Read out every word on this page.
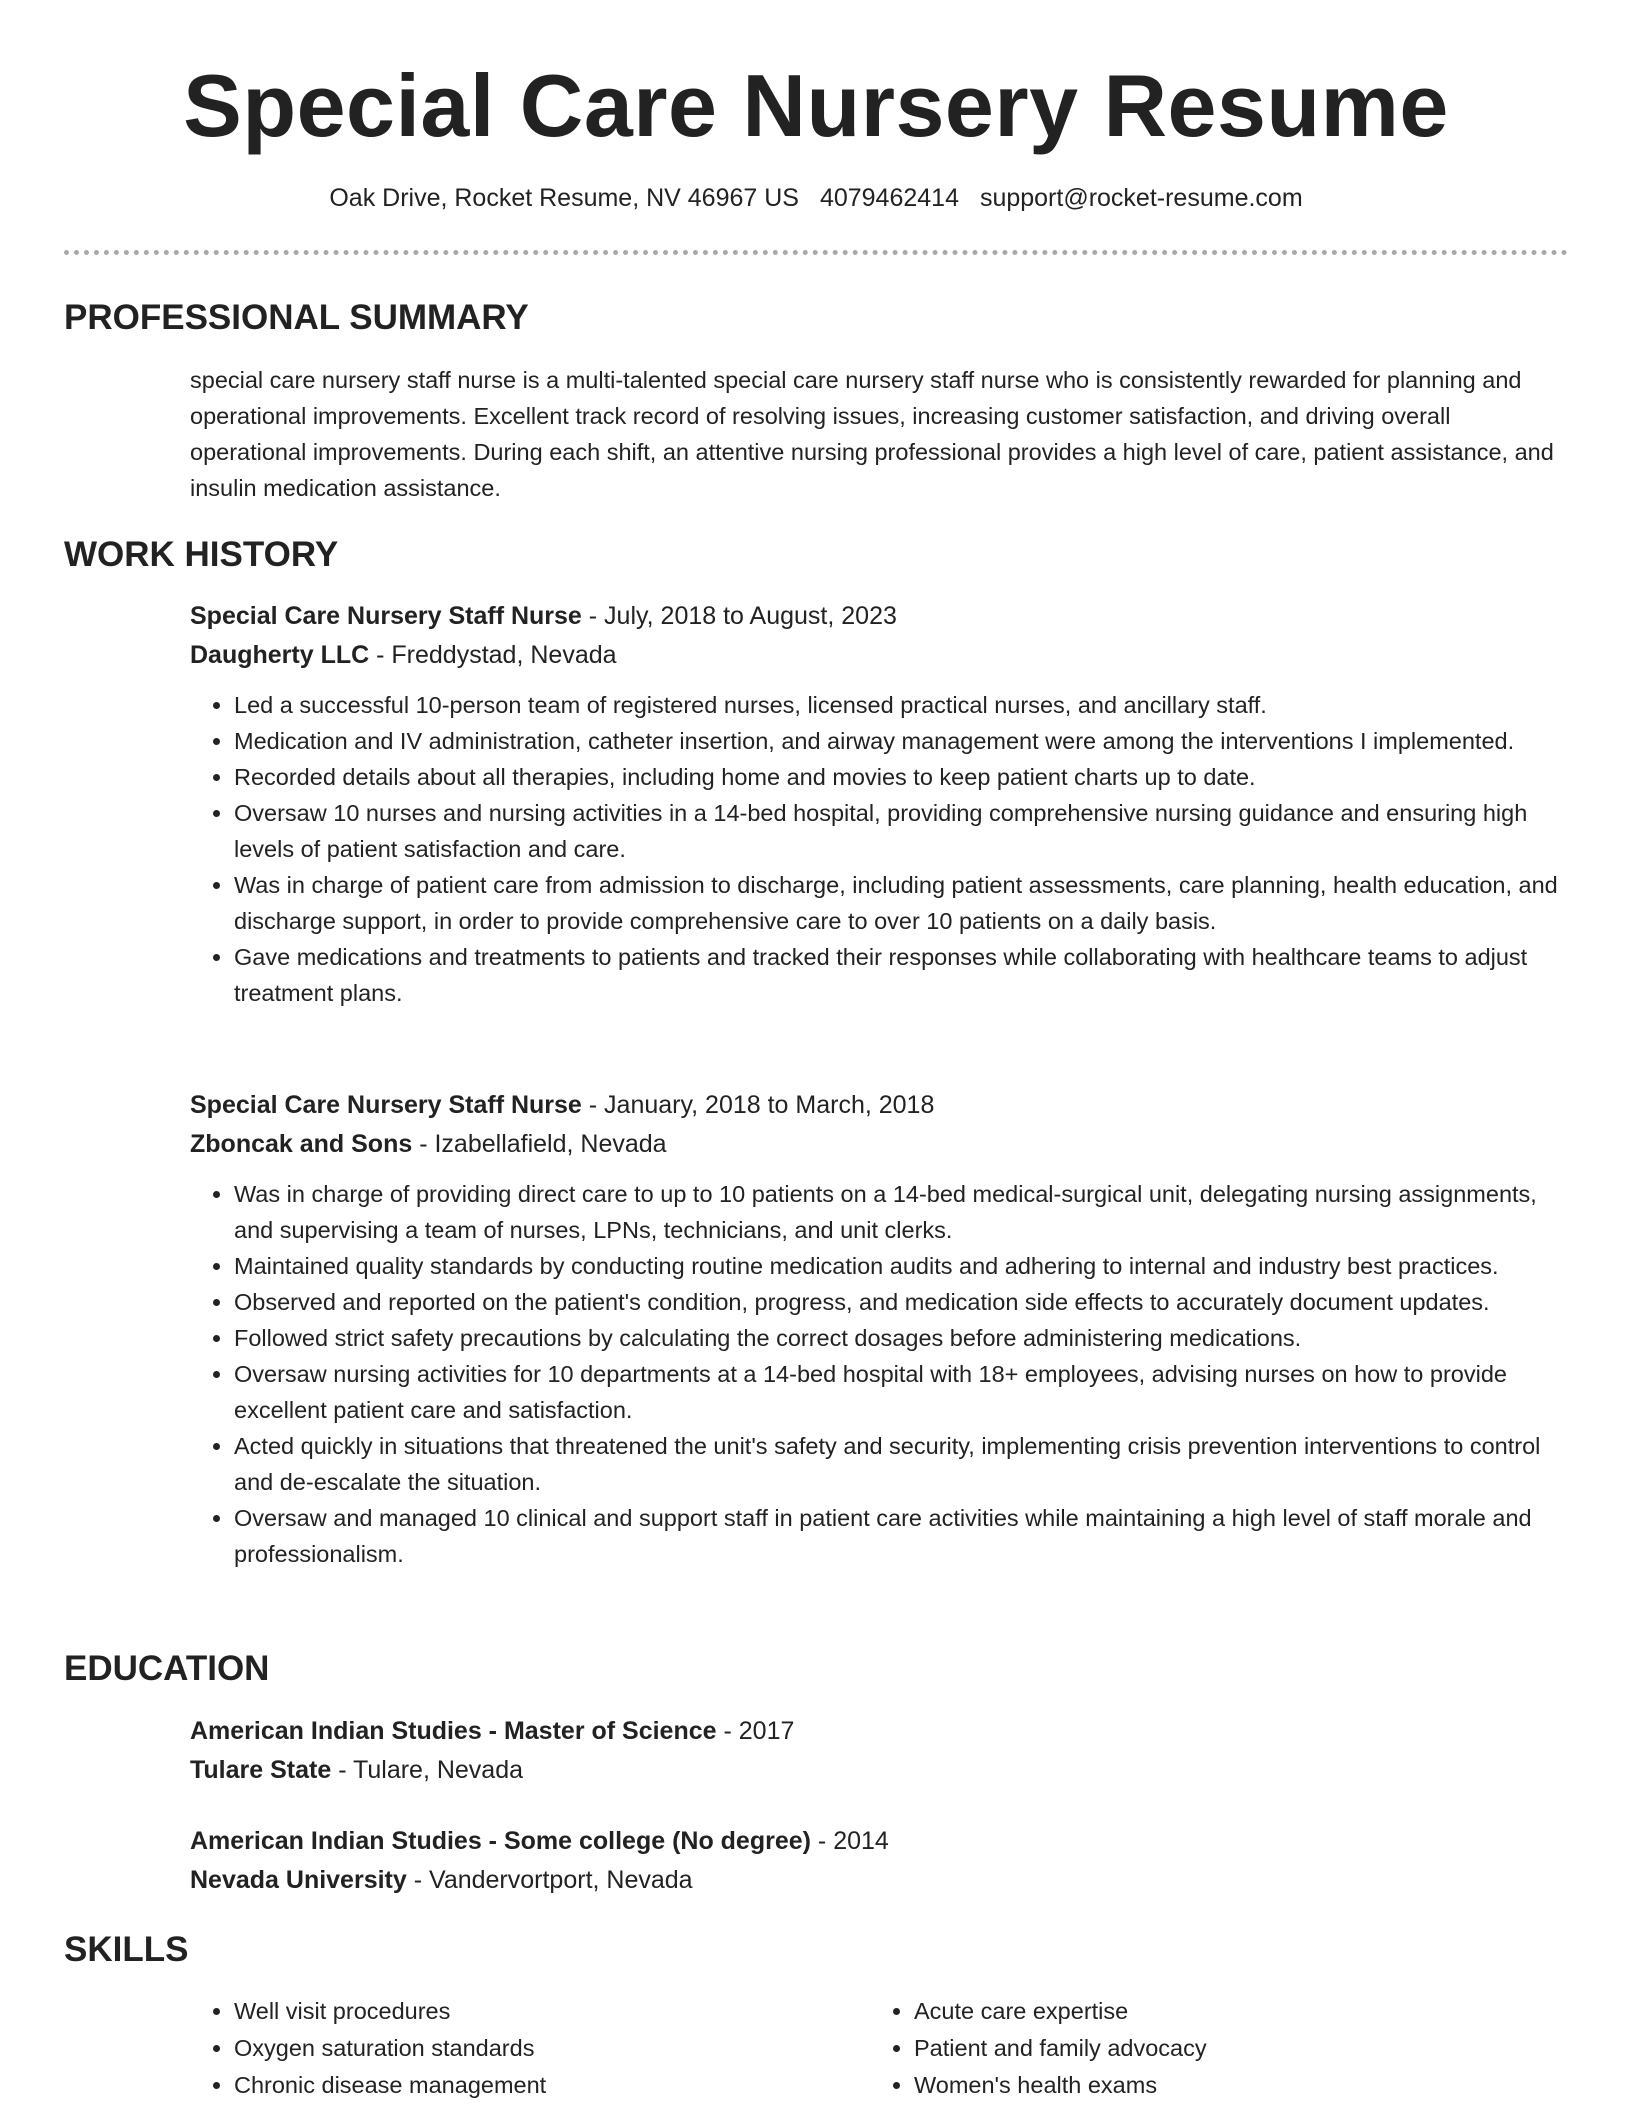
Special Care Nursery Resume
Oak Drive, Rocket Resume, NV 46967 US 4079462414 support@rocket-resume.com
PROFESSIONAL SUMMARY

special care nursery staff nurse is a multi-talented special care nursery staff nurse who is consistently rewarded for planning and operational improvements. Excellent track record of resolving issues, increasing customer satisfaction, and driving overall operational improvements. During each shift, an attentive nursing professional provides a high level of care, patient assistance, and insulin medication assistance.

WORK HISTORY

Special Care Nursery Staff Nurse - July, 2018 to August, 2023

Daugherty LLC - Freddystad, Nevada

• Led a successful 10-person team of registered nurses, licensed practical nurses, and ancillary staff.
• Medication and IV administration, catheter insertion, and airway management were among the interventions I implemented.
• Recorded details about all therapies, including home and movies to keep patient charts up to date.
• Oversaw 10 nurses and nursing activities in a 14-bed hospital, providing comprehensive nursing guidance and ensuring high levels of patient satisfaction and care.
• Was in charge of patient care from admission to discharge, including patient assessments, care planning, health education, and discharge support, in order to provide comprehensive care to over 10 patients on a daily basis.
• Gave medications and treatments to patients and tracked their responses while collaborating with healthcare teams to adjust treatment plans.

Special Care Nursery Staff Nurse - January, 2018 to March, 2018

Zboncak and Sons - Izabellafield, Nevada

• Was in charge of providing direct care to up to 10 patients on a 14-bed medical-surgical unit, delegating nursing assignments, and supervising a team of nurses, LPNs, technicians, and unit clerks.
• Maintained quality standards by conducting routine medication audits and adhering to internal and industry best practices.
• Observed and reported on the patient's condition, progress, and medication side effects to accurately document updates.
• Followed strict safety precautions by calculating the correct dosages before administering medications.
• Oversaw nursing activities for 10 departments at a 14-bed hospital with 18+ employees, advising nurses on how to provide excellent patient care and satisfaction.
• Acted quickly in situations that threatened the unit's safety and security, implementing crisis prevention interventions to control and de-escalate the situation.
• Oversaw and managed 10 clinical and support staff in patient care activities while maintaining a high level of staff morale and professionalism.
EDUCATION

American Indian Studies - Master of Science - 2017

Tulare State - Tulare, Nevada

American Indian Studies - Some college (No degree) - 2014

Nevada University - Vandervortport, Nevada

SKILLS
• Well visit procedures
• Oxygen saturation standards
• Chronic disease management
• Acute care expertise
• Patient and family advocacy
• Women's health exams
